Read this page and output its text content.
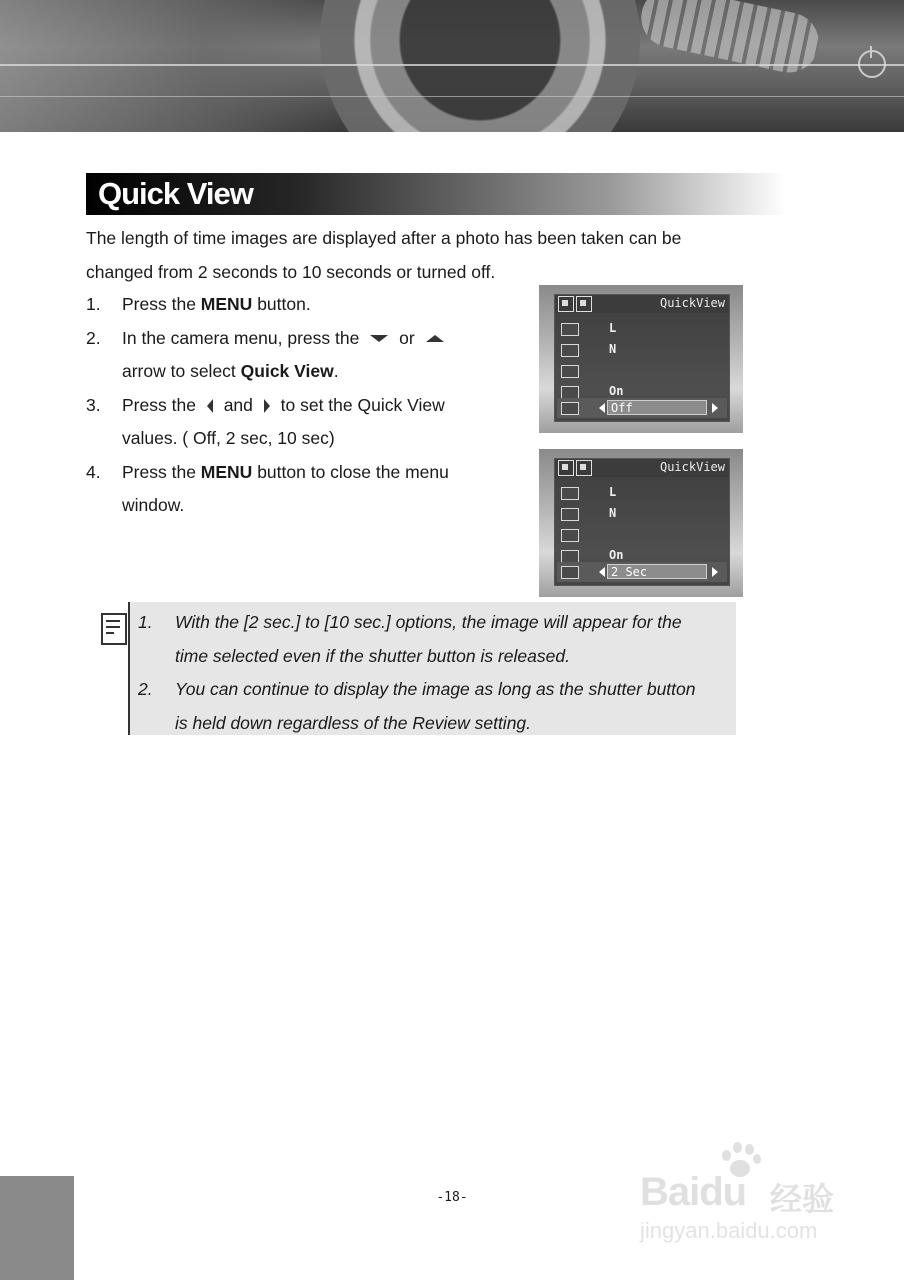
Quick View

The length of time images are displayed after a photo has been taken can be

changed from 2 seconds to 10 seconds or turned off.

1. Press the MENU button.
2. In the camera menu, press the or
arrow to select Quick View.
3. Press the and to set the Quick View
values. ( Off, 2 sec, 10 sec)
4. Press the MENU button to close the menu
window.
QuickView
L
N
On
Off
QuickView
L
N
On
2 Sec
1. With the [2 sec.] to [10 sec.] options, the image will appear for the
time selected even if the shutter button is released.
2. You can continue to display the image as long as the shutter button
is held down regardless of the Review setting.
-18-	Baidu 经验
jingyan.baidu.com
